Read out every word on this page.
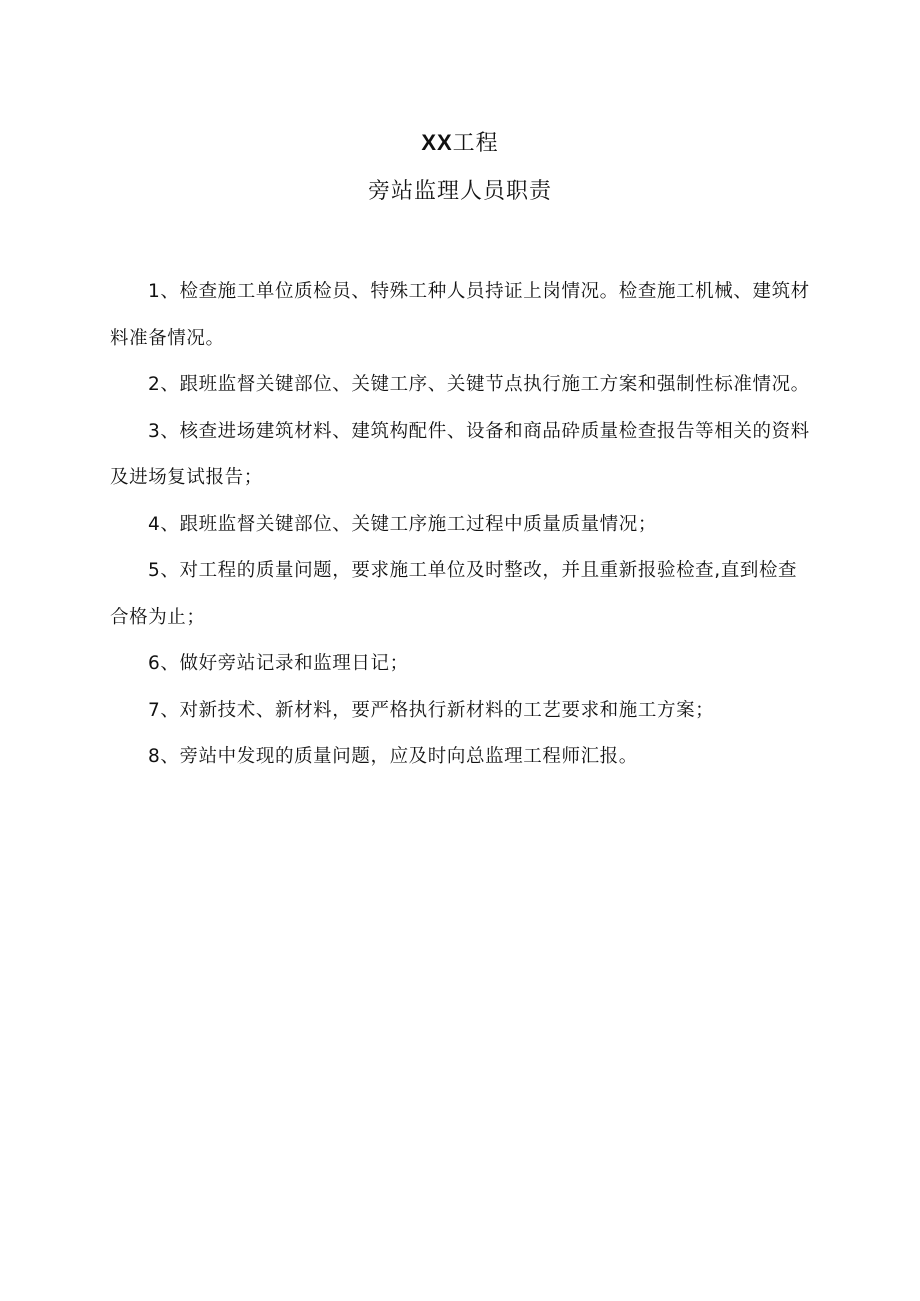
XX工程
旁站监理人员职责

1、检查施工单位质检员、特殊工种人员持证上岗情况。检查施工机械、建筑材料准备情况。

2、跟班监督关键部位、关键工序、关键节点执行施工方案和强制性标准情况。

3、核查进场建筑材料、建筑构配件、设备和商品砕质量检查报告等相关的资料及进场复试报告；

4、跟班监督关键部位、关键工序施工过程中质量质量情况；

5、对工程的质量问题，要求施工单位及时整改，并且重新报验检查,直到检查合格为止；

6、做好旁站记录和监理日记；

7、对新技术、新材料，要严格执行新材料的工艺要求和施工方案；

8、旁站中发现的质量问题，应及时向总监理工程师汇报。
